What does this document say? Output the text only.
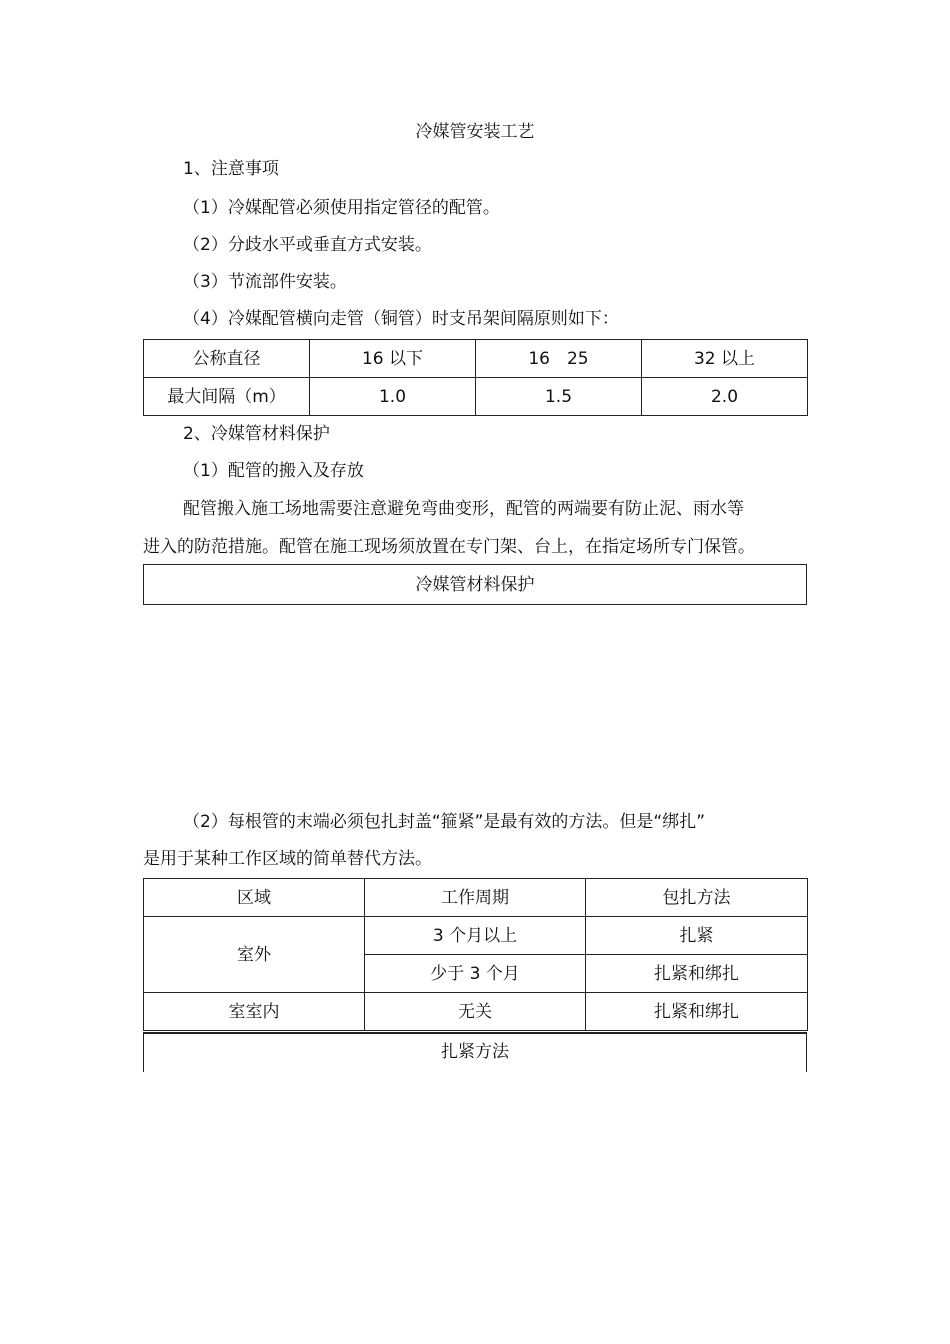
冷媒管安装工艺
1、注意事项
（1）冷媒配管必须使用指定管径的配管。
（2）分歧水平或垂直方式安装。
（3）节流部件安装。
（4）冷媒配管横向走管（铜管）时支吊架间隔原则如下：
公称直径	16 以下	16　25	32 以上
最大间隔（m）	1.0	1.5	2.0
2、冷媒管材料保护
（1）配管的搬入及存放
配管搬入施工场地需要注意避免弯曲变形，配管的两端要有防止泥、雨水等
进入的防范措施。配管在施工现场须放置在专门架、台上，在指定场所专门保管。
冷媒管材料保护
（2）每根管的末端必须包扎封盖“箍紧”是最有效的方法。但是“绑扎”
是用于某种工作区域的简单替代方法。
区域	工作周期	包扎方法
室外	3 个月以上	扎紧
	少于 3 个月	扎紧和绑扎
室室内	无关	扎紧和绑扎
扎紧方法
